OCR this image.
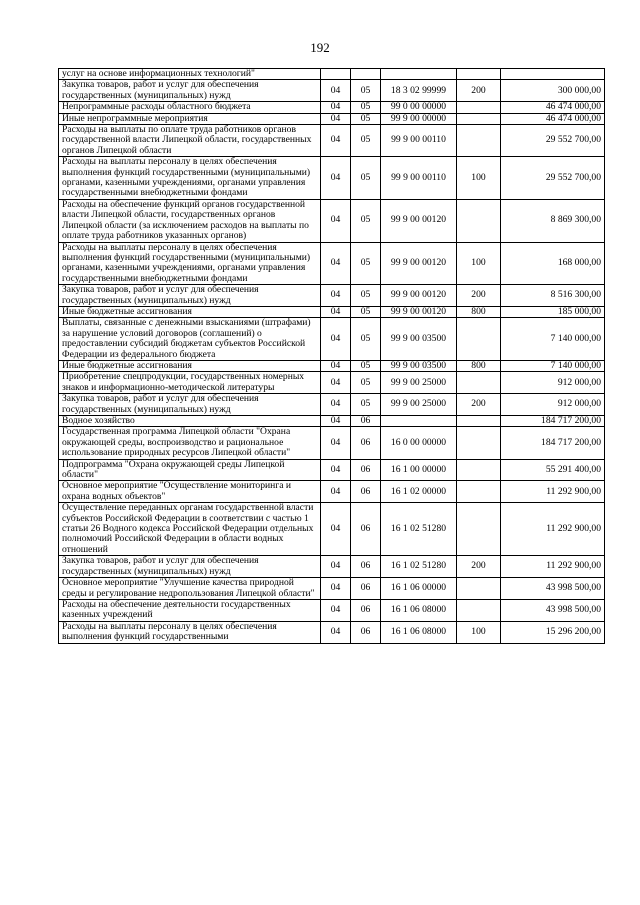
192
услуг на основе информационных технологий"					
Закупка товаров, работ и услуг для обеспечения государственных (муниципальных) нужд	04	05	18 3 02 99999	200	300 000,00
Непрограммные расходы областного бюджета	04	05	99 0 00 00000		46 474 000,00
Иные непрограммные мероприятия	04	05	99 9 00 00000		46 474 000,00
Расходы на выплаты по оплате труда работников органов государственной власти Липецкой области, государственных органов Липецкой области	04	05	99 9 00 00110		29 552 700,00
Расходы на выплаты персоналу в целях обеспечения выполнения функций государственными (муниципальными) органами, казенными учреждениями, органами управления государственными внебюджетными фондами	04	05	99 9 00 00110	100	29 552 700,00
Расходы на обеспечение функций органов государственной власти Липецкой области, государственных органов Липецкой области (за исключением расходов на выплаты по оплате труда работников указанных органов)	04	05	99 9 00 00120		8 869 300,00
Расходы на выплаты персоналу в целях обеспечения выполнения функций государственными (муниципальными) органами, казенными учреждениями, органами управления государственными внебюджетными фондами	04	05	99 9 00 00120	100	168 000,00
Закупка товаров, работ и услуг для обеспечения государственных (муниципальных) нужд	04	05	99 9 00 00120	200	8 516 300,00
Иные бюджетные ассигнования	04	05	99 9 00 00120	800	185 000,00
Выплаты, связанные с денежными взысканиями (штрафами) за нарушение условий договоров (соглашений) о предоставлении субсидий бюджетам субъектов Российской Федерации из федерального бюджета	04	05	99 9 00 03500		7 140 000,00
Иные бюджетные ассигнования	04	05	99 9 00 03500	800	7 140 000,00
Приобретение спецпродукции, государственных номерных знаков и информационно-методической литературы	04	05	99 9 00 25000		912 000,00
Закупка товаров, работ и услуг для обеспечения государственных (муниципальных) нужд	04	05	99 9 00 25000	200	912 000,00
Водное хозяйство	04	06			184 717 200,00
Государственная программа Липецкой области "Охрана окружающей среды, воспроизводство и рациональное использование природных ресурсов Липецкой области"	04	06	16 0 00 00000		184 717 200,00
Подпрограмма "Охрана окружающей среды Липецкой области"	04	06	16 1 00 00000		55 291 400,00
Основное мероприятие "Осуществление мониторинга и охрана водных объектов"	04	06	16 1 02 00000		11 292 900,00
Осуществление переданных органам государственной власти субъектов Российской Федерации в соответствии с частью 1 статьи 26 Водного кодекса Российской Федерации отдельных полномочий Российской Федерации в области водных отношений	04	06	16 1 02 51280		11 292 900,00
Закупка товаров, работ и услуг для обеспечения государственных (муниципальных) нужд	04	06	16 1 02 51280	200	11 292 900,00
Основное мероприятие "Улучшение качества природной среды и регулирование недропользования Липецкой области"	04	06	16 1 06 00000		43 998 500,00
Расходы на обеспечение деятельности государственных казенных учреждений	04	06	16 1 06 08000		43 998 500,00
Расходы на выплаты персоналу в целях обеспечения выполнения функций государственными	04	06	16 1 06 08000	100	15 296 200,00
